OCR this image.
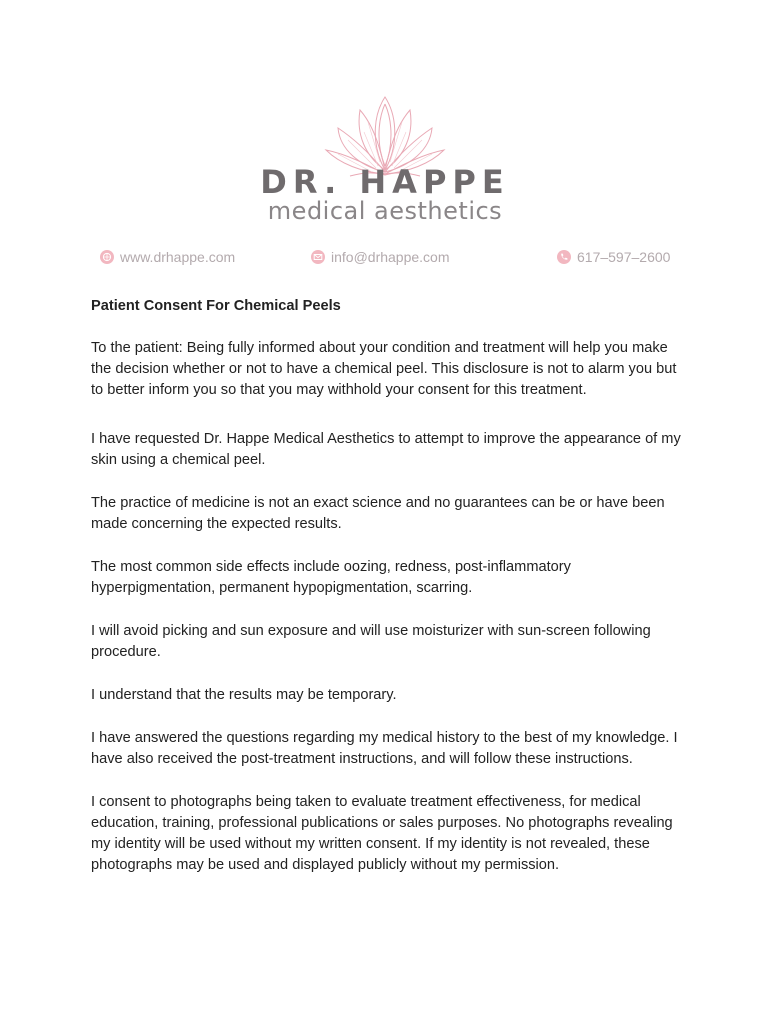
DR. HAPPE
medical aesthetics
www.drhappe.com	info@drhappe.com	617–597–2600

Patient Consent For Chemical Peels

To the patient: Being fully informed about your condition and treatment will help you make the decision whether or not to have a chemical peel. This disclosure is not to alarm you but to better inform you so that you may withhold your consent for this treatment.

I have requested Dr. Happe Medical Aesthetics to attempt to improve the appearance of my skin using a chemical peel.

The practice of medicine is not an exact science and no guarantees can be or have been made concerning the expected results.

The most common side effects include oozing, redness, post-inflammatory hyperpigmentation, permanent hypopigmentation, scarring.

I will avoid picking and sun exposure and will use moisturizer with sun-screen following procedure.

I understand that the results may be temporary.

I have answered the questions regarding my medical history to the best of my knowledge. I have also received the post-treatment instructions, and will follow these instructions.

I consent to photographs being taken to evaluate treatment effectiveness, for medical education, training, professional publications or sales purposes. No photographs revealing my identity will be used without my written consent. If my identity is not revealed, these photographs may be used and displayed publicly without my permission.
